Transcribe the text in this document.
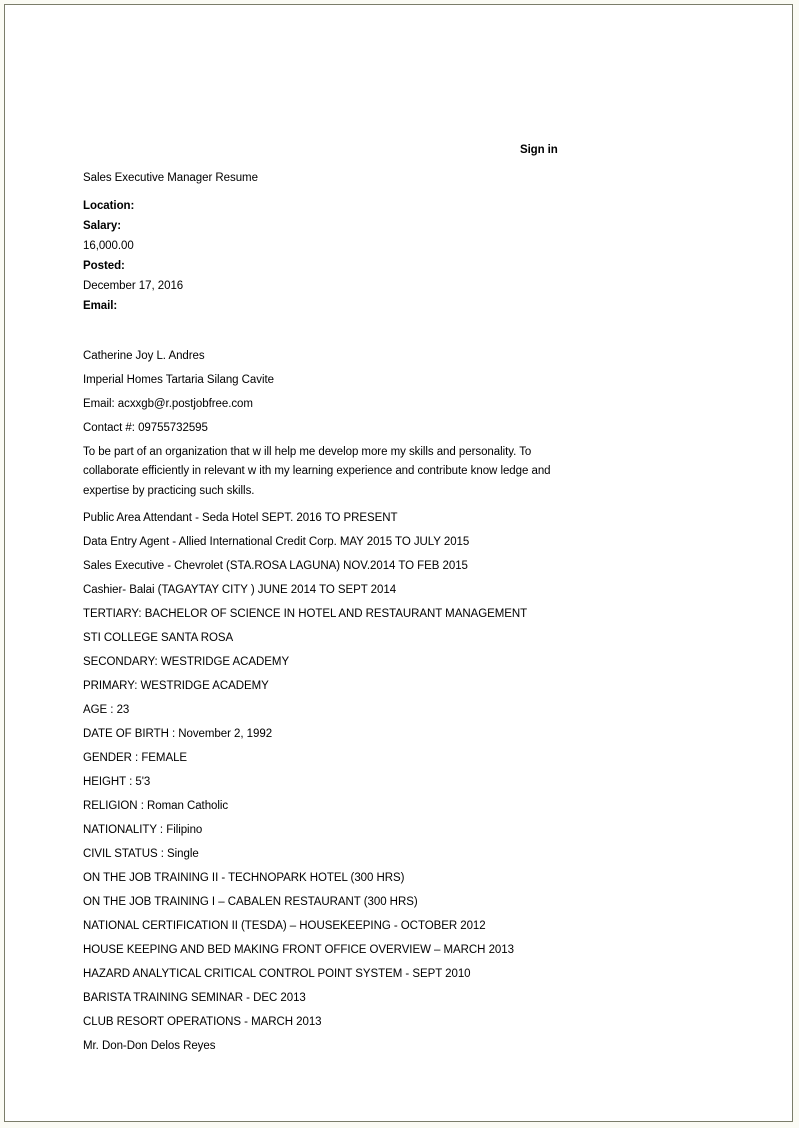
Sign in
Sales Executive Manager Resume
Location:
Salary:
16,000.00
Posted:
December 17, 2016
Email:
Catherine Joy L. Andres
Imperial Homes Tartaria Silang Cavite
Email: acxxgb@r.postjobfree.com
Contact #: 09755732595
To be part of an organization that w ill help me develop more my skills and personality. To collaborate efficiently in relevant w ith my learning experience and contribute know ledge and expertise by practicing such skills.
Public Area Attendant - Seda Hotel SEPT. 2016 TO PRESENT
Data Entry Agent - Allied International Credit Corp. MAY 2015 TO JULY 2015
Sales Executive - Chevrolet (STA.ROSA LAGUNA) NOV.2014 TO FEB 2015
Cashier- Balai (TAGAYTAY CITY ) JUNE 2014 TO SEPT 2014
TERTIARY: BACHELOR OF SCIENCE IN HOTEL AND RESTAURANT MANAGEMENT
STI COLLEGE SANTA ROSA
SECONDARY: WESTRIDGE ACADEMY
PRIMARY: WESTRIDGE ACADEMY
AGE : 23
DATE OF BIRTH : November 2, 1992
GENDER : FEMALE
HEIGHT : 5'3
RELIGION : Roman Catholic
NATIONALITY : Filipino
CIVIL STATUS : Single
ON THE JOB TRAINING II - TECHNOPARK HOTEL (300 HRS)
ON THE JOB TRAINING I – CABALEN RESTAURANT (300 HRS)
NATIONAL CERTIFICATION II (TESDA) – HOUSEKEEPING - OCTOBER 2012
HOUSE KEEPING AND BED MAKING FRONT OFFICE OVERVIEW – MARCH 2013
HAZARD ANALYTICAL CRITICAL CONTROL POINT SYSTEM - SEPT 2010
BARISTA TRAINING SEMINAR - DEC 2013
CLUB RESORT OPERATIONS - MARCH 2013
Mr. Don-Don Delos Reyes
